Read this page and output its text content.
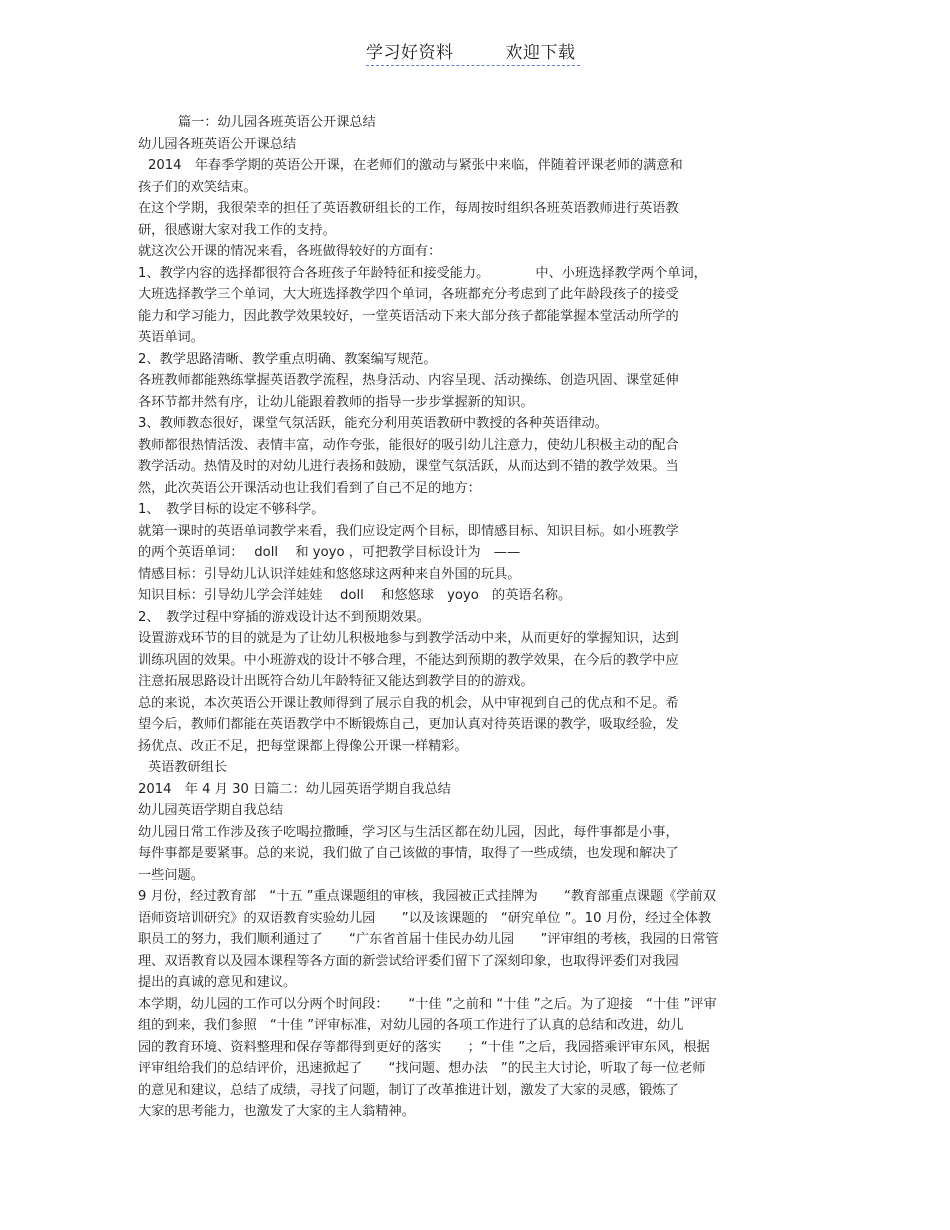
学习好资料	欢迎下载
篇一：幼儿园各班英语公开课总结
幼儿园各班英语公开课总结
2014　年春季学期的英语公开课，在老师们的激动与紧张中来临，伴随着评课老师的满意和
孩子们的欢笑结束。
在这个学期，我很荣幸的担任了英语教研组长的工作，每周按时组织各班英语教师进行英语教
研，很感谢大家对我工作的支持。
就这次公开课的情况来看，各班做得较好的方面有：
1、教学内容的选择都很符合各班孩子年龄特征和接受能力。　　　　中、小班选择教学两个单词，
大班选择教学三个单词，大大班选择教学四个单词，各班都充分考虑到了此年龄段孩子的接受
能力和学习能力，因此教学效果较好，一堂英语活动下来大部分孩子都能掌握本堂活动所学的
英语单词。
2、教学思路清晰、教学重点明确、教案编写规范。
各班教师都能熟练掌握英语教学流程，热身活动、内容呈现、活动操练、创造巩固、课堂延伸
各环节都井然有序，让幼儿能跟着教师的指导一步步掌握新的知识。
3、教师教态很好，课堂气氛活跃，能充分利用英语教研中教授的各种英语律动。
教师都很热情活泼、表情丰富，动作夸张，能很好的吸引幼儿注意力，使幼儿积极主动的配合
教学活动。热情及时的对幼儿进行表扬和鼓励，课堂气氛活跃，从而达到不错的教学效果。当
然，此次英语公开课活动也让我们看到了自己不足的地方：
1、　教学目标的设定不够科学。
就第一课时的英语单词教学来看，我们应设定两个目标，即情感目标、知识目标。如小班教学
的两个英语单词：　 doll　 和 yoyo ，可把教学目标设计为　——
情感目标：引导幼儿认识洋娃娃和悠悠球这两种来自外国的玩具。
知识目标：引导幼儿学会洋娃娃　 doll　 和悠悠球　yoyo　的英语名称。
2、　教学过程中穿插的游戏设计达不到预期效果。
设置游戏环节的目的就是为了让幼儿积极地参与到教学活动中来，从而更好的掌握知识，达到
训练巩固的效果。中小班游戏的设计不够合理，不能达到预期的教学效果，在今后的教学中应
注意拓展思路设计出既符合幼儿年龄特征又能达到教学目的的游戏。
总的来说，本次英语公开课让教师得到了展示自我的机会，从中审视到自己的优点和不足。希
望今后，教师们都能在英语教学中不断锻炼自己，更加认真对待英语课的教学，吸取经验，发
扬优点、改正不足，把每堂课都上得像公开课一样精彩。
英语教研组长
2014　年 4 月 30 日篇二：幼儿园英语学期自我总结
幼儿园英语学期自我总结
幼儿园日常工作涉及孩子吃喝拉撒睡，学习区与生活区都在幼儿园，因此，每件事都是小事，
每件事都是要紧事。总的来说，我们做了自己该做的事情，取得了一些成绩，也发现和解决了
一些问题。
9 月份，经过教育部　“十五 ”重点课题组的审核，我园被正式挂牌为　　“教育部重点课题《学前双
语师资培训研究》的双语教育实验幼儿园　　”以及该课题的　“研究单位 ”。10 月份，经过全体教
职员工的努力，我们顺利通过了　　“广东省首届十佳民办幼儿园　　”评审组的考核，我园的日常管
理、双语教育以及园本课程等各方面的新尝试给评委们留下了深刻印象，也取得评委们对我园
提出的真诚的意见和建议。
本学期，幼儿园的工作可以分两个时间段：　　“十佳 ”之前和 “十佳 ”之后。为了迎接　“十佳 ”评审
组的到来，我们参照　“十佳 ”评审标准，对幼儿园的各项工作进行了认真的总结和改进，幼儿
园的教育环境、资料整理和保存等都得到更好的落实　　；“十佳 ”之后，我园搭乘评审东风，根据
评审组给我们的总结评价，迅速掀起了　　“找问题、想办法　”的民主大讨论，听取了每一位老师
的意见和建议，总结了成绩，寻找了问题，制订了改革推进计划，激发了大家的灵感，锻炼了
大家的思考能力，也激发了大家的主人翁精神。
